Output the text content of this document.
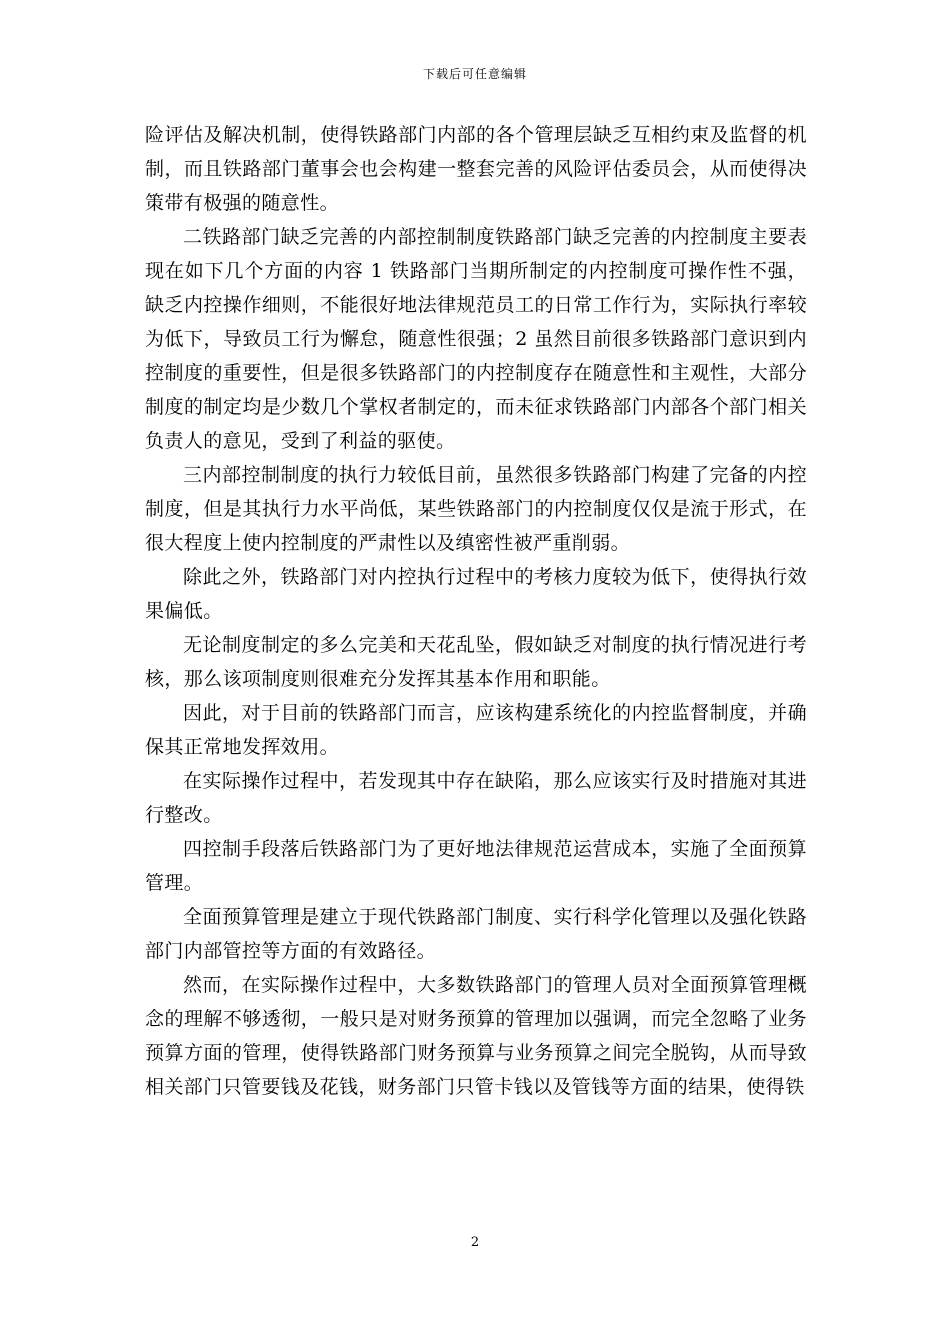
下载后可任意编辑

险评估及解决机制，使得铁路部门内部的各个管理层缺乏互相约束及监督的机制，而且铁路部门董事会也会构建一整套完善的风险评估委员会，从而使得决策带有极强的随意性。

二铁路部门缺乏完善的内部控制制度铁路部门缺乏完善的内控制度主要表现在如下几个方面的内容 1 铁路部门当期所制定的内控制度可操作性不强，缺乏内控操作细则，不能很好地法律规范员工的日常工作行为，实际执行率较为低下，导致员工行为懈怠，随意性很强；2 虽然目前很多铁路部门意识到内控制度的重要性，但是很多铁路部门的内控制度存在随意性和主观性，大部分制度的制定均是少数几个掌权者制定的，而未征求铁路部门内部各个部门相关负责人的意见，受到了利益的驱使。

三内部控制制度的执行力较低目前，虽然很多铁路部门构建了完备的内控制度，但是其执行力水平尚低，某些铁路部门的内控制度仅仅是流于形式，在很大程度上使内控制度的严肃性以及缜密性被严重削弱。

除此之外，铁路部门对内控执行过程中的考核力度较为低下，使得执行效果偏低。

无论制度制定的多么完美和天花乱坠，假如缺乏对制度的执行情况进行考核，那么该项制度则很难充分发挥其基本作用和职能。

因此，对于目前的铁路部门而言，应该构建系统化的内控监督制度，并确保其正常地发挥效用。

在实际操作过程中，若发现其中存在缺陷，那么应该实行及时措施对其进行整改。

四控制手段落后铁路部门为了更好地法律规范运营成本，实施了全面预算管理。

全面预算管理是建立于现代铁路部门制度、实行科学化管理以及强化铁路部门内部管控等方面的有效路径。

然而，在实际操作过程中，大多数铁路部门的管理人员对全面预算管理概念的理解不够透彻，一般只是对财务预算的管理加以强调，而完全忽略了业务预算方面的管理，使得铁路部门财务预算与业务预算之间完全脱钩，从而导致相关部门只管要钱及花钱，财务部门只管卡钱以及管钱等方面的结果，使得铁

2
